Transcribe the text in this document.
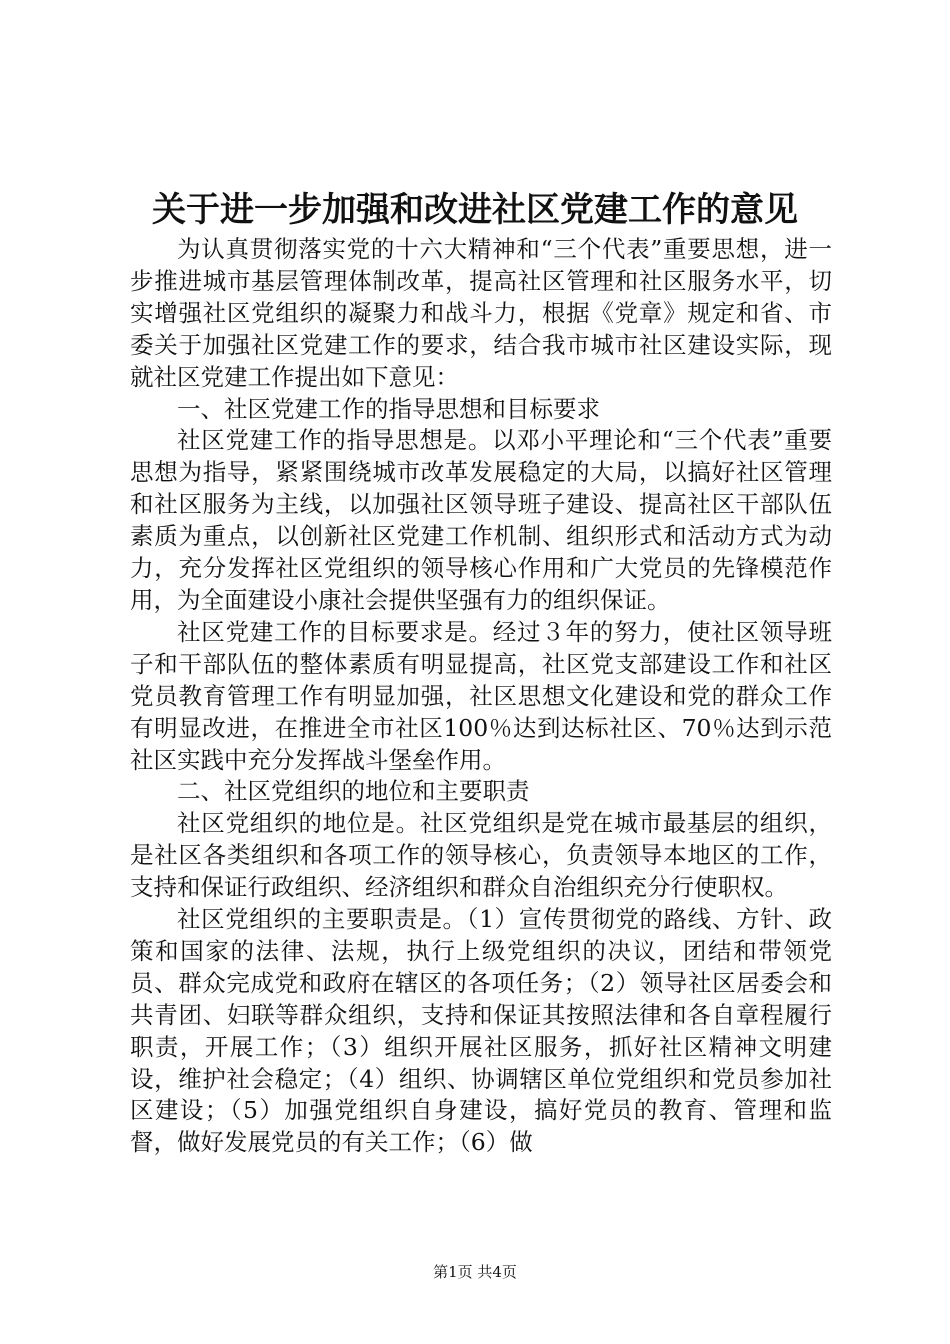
关于进一步加强和改进社区党建工作的意见

为认真贯彻落实党的十六大精神和“三个代表”重要思想，进一步推进城市基层管理体制改革，提高社区管理和社区服务水平，切实增强社区党组织的凝聚力和战斗力，根据《党章》规定和省、市委关于加强社区党建工作的要求，结合我市城市社区建设实际，现就社区党建工作提出如下意见：

一、社区党建工作的指导思想和目标要求

社区党建工作的指导思想是。以邓小平理论和“三个代表”重要思想为指导，紧紧围绕城市改革发展稳定的大局，以搞好社区管理和社区服务为主线，以加强社区领导班子建设、提高社区干部队伍素质为重点，以创新社区党建工作机制、组织形式和活动方式为动力，充分发挥社区党组织的领导核心作用和广大党员的先锋模范作用，为全面建设小康社会提供坚强有力的组织保证。

社区党建工作的目标要求是。经过３年的努力，使社区领导班子和干部队伍的整体素质有明显提高，社区党支部建设工作和社区党员教育管理工作有明显加强，社区思想文化建设和党的群众工作有明显改进，在推进全市社区100％达到达标社区、70％达到示范社区实践中充分发挥战斗堡垒作用。

二、社区党组织的地位和主要职责

社区党组织的地位是。社区党组织是党在城市最基层的组织，是社区各类组织和各项工作的领导核心，负责领导本地区的工作，支持和保证行政组织、经济组织和群众自治组织充分行使职权。

社区党组织的主要职责是。（1）宣传贯彻党的路线、方针、政策和国家的法律、法规，执行上级党组织的决议，团结和带领党员、群众完成党和政府在辖区的各项任务；（2）领导社区居委会和共青团、妇联等群众组织，支持和保证其按照法律和各自章程履行职责，开展工作；（3）组织开展社区服务，抓好社区精神文明建设，维护社会稳定；（4）组织、协调辖区单位党组织和党员参加社区建设；（5）加强党组织自身建设，搞好党员的教育、管理和监督，做好发展党员的有关工作；（6）做

第1页 共4页
